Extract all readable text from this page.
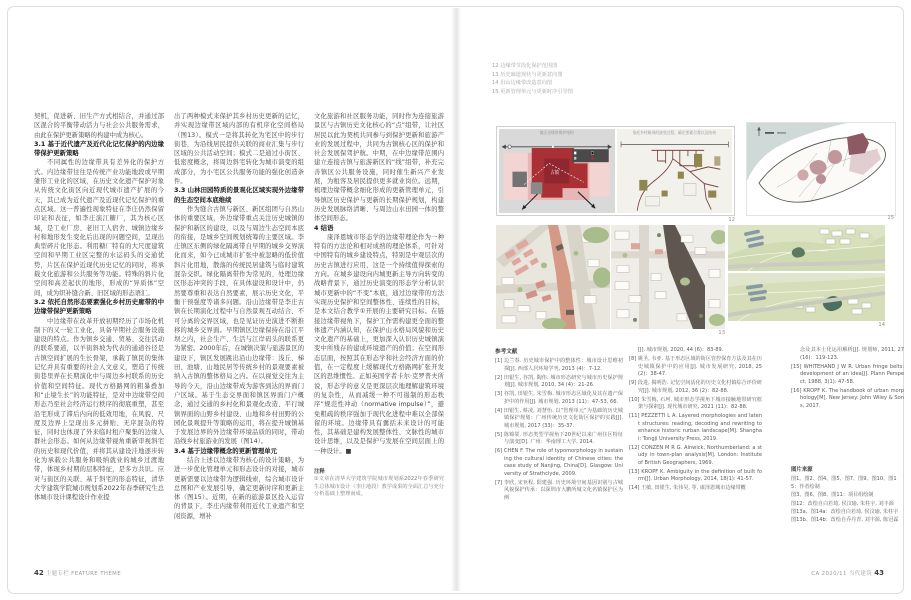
契机，促进新、旧生产方式相结合，并通过部区混合的平衡带动活力与社会公共服务需求，由此在保护更新策略的构建中成为核心。

3.1 基于近代遗产及近代化记忆保护的内边缘带保护更新策略

不同属性的边缘带具有差异化的保护方式。内边缘带往往是传统产业功能地段或早期雏形工业化的区域，在历史文化遗产保护对象从传统文化街区向近现代城市遗产扩展的今天，其已成为近代遗产及近现代记忆保护的重点区域。这一普遍性现象特征在李庄仍然保留印证和表征，如李庄演江糖厂，其为核心区域，是工业厂房、老旧工人宿舍、城镇边缘乡村和地形发生变化后出现的问题空间，呈现出典型碎片化形态。利用糖厂特有的大尺度建筑空间和早期工业区完整的水运码头的交通优势，片区在保护近现代历史记忆的同时，将承载文化旅游和公共服务等功能。特殊的斜片化空间和高差起伏的地形，形成的“异质体”空间，成为织补缝合新、旧区域的形态语汇。

3.2 依托自然形态要素强化乡村历史廊带的中边缘带保护更新策略

中边缘带在改革开放初期经历了市场化机制下的又一轮工业化，具备早期社会服务设施建设的特点。作为镇乡交通、贸易、交往活动的联系要道，以羊街斜坡为代表的通道谷径是古镇空间扩展的生长骨架，承载了镇民的集体记忆并具有重要的社会人文意义，塑造了传统街巷里弄在长期演化中与周边乡村联系的历史价值和空间特征。现代方格路网的粗暴叠加和“止境生长”的功能特征，是对中边缘带空间形态乃至社会经济运行秩序的彻底重塑，甚至沿宅形成了滞后内向的低效用地，在风貌、尺度及边界上呈现出多元拼贴、无序混杂的特征，同时也体现了外来临时租户聚集的边缘人群社会形态。如何从边缘带视角重新审视斜宅的历史和现代价值，并将其从建设洼地逐步转化为承载公共服务和吸纳就业的城乡过渡地带，体现乡村期的层积特征，是多方共识。应对与街区的关联、基于斜宅的形态特征，清华大学建筑学院城市规划系2022年春季研究生总体城市设计课程设计作业提

出了两种模式来保护其乡村历史更新的记忆，并实现边缘带区域内部的有机序化空间格局（图13）。模式一是将其转化为宅区中的步行街巷，为沿线居民提供关联的商业汇集与步行区域的公共活动空间；模式二是通过小街区、低密度概念，将周边斜宅转化为城市演变的组成部分，为小宅区公共服务功能的强化创造条件。

3.3 山林田园特质的景观化区域实现外边缘带的生态空间本底维续

作为缝合古镇与新区、新区组团与自然山体的重要区域，外边缘带重点关注历史城镇的保护和新区的建设，以及与周边生态空间本底的衔接，是城乡空间规划统筹的主要区域。李庄镇区东侧的绿化隔离带自早期的城乡交界演化而来，如今已成城市扩张中被忽略的低价值斜片化用地，散落的传统民居建筑与临时建筑混杂交织。绿化隔离带作为常见的、处理边缘区形态冲突的手段，在具体建设和设计中，仍然要尊重和表达自然要素，展示历史文化，平衡干预强度等诸多问题。沿山边缘带是李庄古镇在长期演化过程中与自然景观互动结合、不可分离的交界区域，也是见证历史演进不断推移的城乡交界面。早期镇区边缘保持在沿江平坝之内，社会生产、生活与江岸码头的联系更为紧密。2000年后，在城镇决策与旅游景区的建设下，镇区发展跳出沿山边缘带：浅丘、梯田、池塘、山地民居等传统乡村的景观要素被纳入古镇的整体格局之内。在以视觉交往为主导的今天，沿山边缘带成为游客到达的界面门户区域。基于生态交界面和镇区界面门户概念，通过交通的乡村化和景观化改造、平行城镇界面的山野乡村建设、山地和乡村田野的公园化景观提升等策略的运用，将在提升城镇基于发展边界的外边缘带环境品质的同时，带动沿线乡村旅游业的发展（图14）。

3.4 基于边缘带概念的更新管理单元

结合上述以边缘带为核心的设计策略，为进一步优化管理单元和形态设计的对接，城市更新需要以边缘带为逻辑线索，综合城市设计总图和产业发展引导，确定更新时序和更新主体（图15）。近期，在新的旅游景区投入运营的背景下，李庄内缘带利用近代工业遗产和空闲资源，增补

文化旅游和社区服务功能，同时作为连接旅游景区与古镇历史文化核心的“点”组带，让社区居民以此为契机共同参与到保护更新和旅游产业的发展过程中，共同为古镇核心区的保护和社会发展保驾护航。中期，在中边缘带范围内建立连接古镇与旅游新区的“线”组带，补充完善镇区公共服务设施，同时催生新兴产业发展，为租客及居民提供更多就业岗位。远期，梳理边缘带概念细化形成的更新管理单元，引导镇区历史保护与更新的长期保护规划，构建历史发展脉络清晰、与周边山水田园一体的整体空间形态。

4 结语

康泽恩城市形态学的边缘带理论作为一种特有的方法论和相对成熟的理论体系，可针对中国特有的城乡建设特点，特别是中观层次的历史古镇进行应用，这是一个持续值得探索的方向。在城乡建设向内城更新主导方向转变的战略背景下，通过历史演变的形态学分析认识城市更新中的“不变”本底，通过边缘带的方法实现历史保护和空间整体性、连续性的目标，是本文结合教学①开展的主要研究目标。在链接边缘带视角下，保护工作需构建更全面的整体遗产内涵认知，在保护山水格局风貌和历史文化遗产的基础上，更加深入认识历史城镇演变中所残存的建成环境遗产的价值；在空间形态层面，按照其在形态学和社会经济方面的价值，在一定程度上缓解现代方格路网扩张开发区的思维惯性。正如英国学者卡尔·克罗普夫所说，形态学的意义是更深层次地理解建筑环境的复杂性，从而减缓一种不可遏制的形态秩序“规范性冲动（normative impulse）”，避免粗疏的秩序强加于现代化进程中难以全部保留的环境。边缘带具有囊括未来设计的可能性，其基础是建构发展整体性、文脉性的城市设计思维，以及是保护与发展在空间层面上的一种设计。■

注释

①文章在清华大学建筑学院城市规划系2022年春季研究生总体城市设计（李庄地段）教学成果的全面汇总与充分分析基础上整理而成。

42 主题专栏 FEATURE THEME
12 边缘带节段化保护范围图
13 历史廊道现状与更新意向图
14 沿山边缘带改造意向图
15 更新管理单元与更新时序引导图
镇区边缘带保护结构
古镇
依托乡村路网的演变过程，确定要素位置以及结构
12	15
13
14
参考文献
[1] 边兰春. 历史城市保护中的整体性：城市设计思维初探[J]. 西部人居环境学刊, 2013 (4)：7-12.
[2] 田银生, 谷凯, 陶伟. 城市形态研究与城市历史保护规划[J]. 城市规划, 2010, 34 (4)：21-26.
[3] 谷凯, 田银生, 朱雪梅. 城市形态区域化及其在遗产保护中的作用[J]. 城市规划, 2013 (11)：47-53, 66.
[4] 田银生, 蔡凌, 刘慧怡. 以“管理单元”为基础的历史城镇保护规划：广州传统历史文化街区保护的实践[J]. 城市规划, 2017 (33)：35-37.
[5] 陈锦棠. 形态类型学视角下20世纪以来广州住区特征与演变[D]. 广州：华南理工大学, 2014.
[6] CHEN F. The role of typomorphology in sustaining the cultural identity of Chinese cities: the case study of Nanjing, China[D]. Glasgow: University of Strathclyde, 2009.
[7] 李欣, 宋亚程, 阳建强. 历史环境空间基因识别与古城风貌保护传承：以深圳市大鹏所城文化名镇保护区为例
[J]. 城市规划, 2020, 44 (6)：83-89.
[8] 姚圣, 韦亚. 基于形态区域的街区管控保育方法及其在历史城镇保护中的应用[J]. 城市发展研究, 2018, 25 (2)：38-47.
[9] 段进, 揭明浩. 记忆空间活化的历史文化村镇综合评价研究[J]. 城市规划, 2012, 36 (2)：82-88.
[10] 朱雪梅, 石珂. 城市形态学视角下城市接触地带研究框架与探索[J]. 现代城市研究, 2021 (11)：82-88.
[11] PEZZETTI L A. Layered morphologies and latent structures: reading, decoding and rewriting to enhance historic rurban landscape[M]. Shanghai: Tongji University Press, 2019.
[12] CONZEN M R G. Alnwick, Northumberland: a study in town-plan analysis[M]. London: Institute of British Geographers, 1969.
[13] KROPF K. Ambiguity in the definition of built form[J]. Urban Morphology, 2014, 18(1): 41-57.
[14] 王敏, 田银生, 朱伟昊, 等. 康泽恩城市边缘带概
念及其本土化运用解析[J]. 规划师, 2011, 27 (16)：119-123.
[15] WHITEHAND J W R. Urban fringe belts: development of an idea[J]. Plann Perspect, 1988, 3(1): 47-58.
[16] KROPF K. The handbook of urban morphology[M]. New Jersey: John Wiley & Sons, 2017.

图片来源

图1、图2、图4、图5、图7、图9、图10、图15：作者绘制
图3、图6、图8、图11：项目组绘制
图12：改绘自白若琦, 侯汶瑜, 朱柱宇, 刘丰源
图13a、图14a：改绘自白若琦, 侯汶瑜, 朱柱宇
图13b、图14b：改绘自乔丹青, 刘丰源, 陈冠霖
CA 2020/11 当代建筑 43
